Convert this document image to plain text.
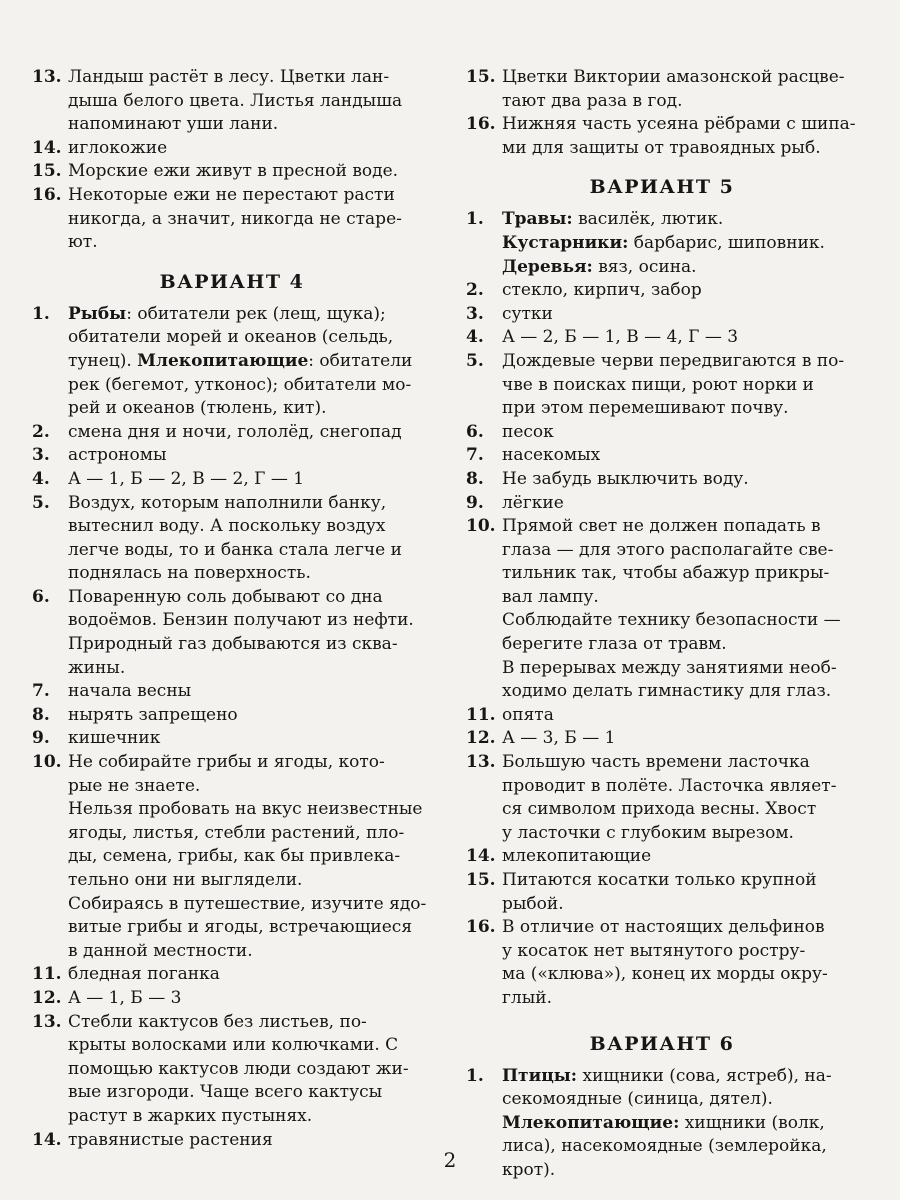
13. Ландыш растёт в лесу. Цветки лан-
дыша белого цвета. Листья ландыша
напоминают уши лани.
14. иглокожие
15. Морские ежи живут в пресной воде.
16. Некоторые ежи не перестают расти
никогда, а значит, никогда не старе-
ют.
ВАРИАНТ 4
1.	Рыбы: обитатели рек (лещ, щука);
обитатели морей и океанов (сельдь,
тунец). Млекопитающие: обитатели
рек (бегемот, утконос); обитатели мо-
рей и океанов (тюлень, кит).
2.	смена дня и ночи, гололёд, снегопад
3.	астрономы
4.	А — 1, Б — 2, В — 2, Г — 1
5.	Воздух, которым наполнили банку,
вытеснил воду. А поскольку воздух
легче воды, то и банка стала легче и
поднялась на поверхность.
6.	Поваренную соль добывают со дна
водоёмов. Бензин получают из нефти.
Природный газ добываются из сква-
жины.
7.	начала весны
8.	нырять запрещено
9.	кишечник
10. Не собирайте грибы и ягоды, кото-
рые не знаете.
Нельзя пробовать на вкус неизвестные
ягоды, листья, стебли растений, пло-
ды, семена, грибы, как бы привлека-
тельно они ни выглядели.
Собираясь в путешествие, изучите ядо-
витые грибы и ягоды, встречающиеся
в данной местности.
11. бледная поганка
12. А — 1, Б — 3
13. Стебли кактусов без листьев, по-
крыты волосками или колючками. С
помощью кактусов люди создают жи-
вые изгороди. Чаще всего кактусы
растут в жарких пустынях.
14. травянистые растения
15. Цветки Виктории амазонской расцве-
тают два раза в год.
16. Нижняя часть усеяна рёбрами с шипа-
ми для защиты от травоядных рыб.
ВАРИАНТ 5
1.	Травы: василёк, лютик.
Кустарники: барбарис, шиповник.
Деревья: вяз, осина.
2.	стекло, кирпич, забор
3.	сутки
4.	А — 2, Б — 1, В — 4, Г — 3
5.	Дождевые черви передвигаются в по-
чве в поисках пищи, роют норки и
при этом перемешивают почву.
6.	песок
7.	насекомых
8.	Не забудь выключить воду.
9.	лёгкие
10. Прямой свет не должен попадать в
глаза — для этого располагайте све-
тильник так, чтобы абажур прикры-
вал лампу.
Соблюдайте технику безопасности —
берегите глаза от травм.
В перерывах между занятиями необ-
ходимо делать гимнастику для глаз.
11. опята
12. А — 3, Б — 1
13. Большую часть времени ласточка
проводит в полёте. Ласточка являет-
ся символом прихода весны. Хвост
у ласточки с глубоким вырезом.
14. млекопитающие
15. Питаются косатки только крупной
рыбой.
16. В отличие от настоящих дельфинов
у косаток нет вытянутого ростру-
ма («клюва»), конец их морды окру-
глый.
ВАРИАНТ 6
1.	Птицы: хищники (сова, ястреб), на-
секомоядные (синица, дятел).
Млекопитающие: хищники (волк,
лиса), насекомоядные (землеройка,
крот).
2
